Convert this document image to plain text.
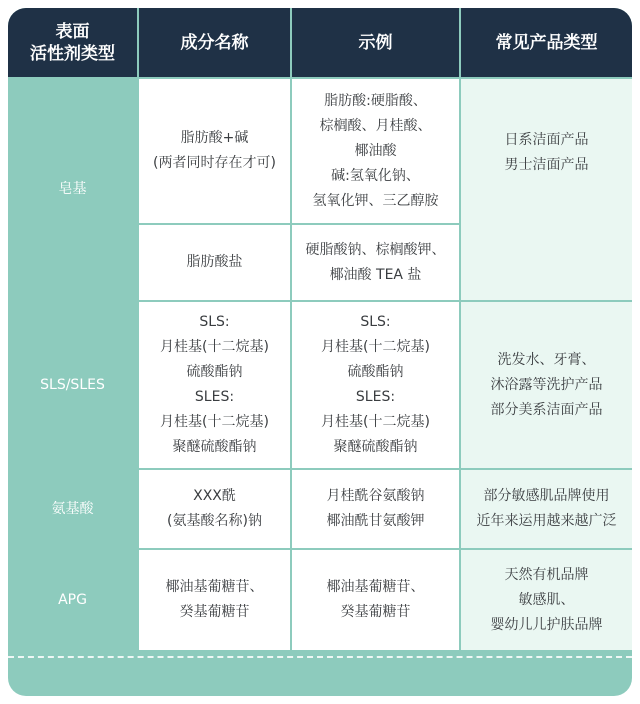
表面
活性剂类型
成分名称	示例	常见产品类型
皂基
脂肪酸+碱
(两者同时存在才可)
脂肪酸:硬脂酸、
棕榈酸、月桂酸、
椰油酸
碱:氢氧化钠、
氢氧化钾、三乙醇胺
脂肪酸盐
硬脂酸钠、棕榈酸钾、
椰油酸 TEA 盐
日系洁面产品
男士洁面产品
SLS/SLES
SLS:
月桂基(十二烷基)
硫酸酯钠
SLES:
月桂基(十二烷基)
聚醚硫酸酯钠
SLS:
月桂基(十二烷基)
硫酸酯钠
SLES:
月桂基(十二烷基)
聚醚硫酸酯钠
洗发水、牙膏、
沐浴露等洗护产品
部分美系洁面产品
氨基酸
XXX酰
(氨基酸名称)钠
月桂酰谷氨酸钠
椰油酰甘氨酸钾
部分敏感肌品牌使用
近年来运用越来越广泛
APG
椰油基葡糖苷、
癸基葡糖苷
椰油基葡糖苷、
癸基葡糖苷
天然有机品牌
敏感肌、
婴幼儿儿护肤品牌
